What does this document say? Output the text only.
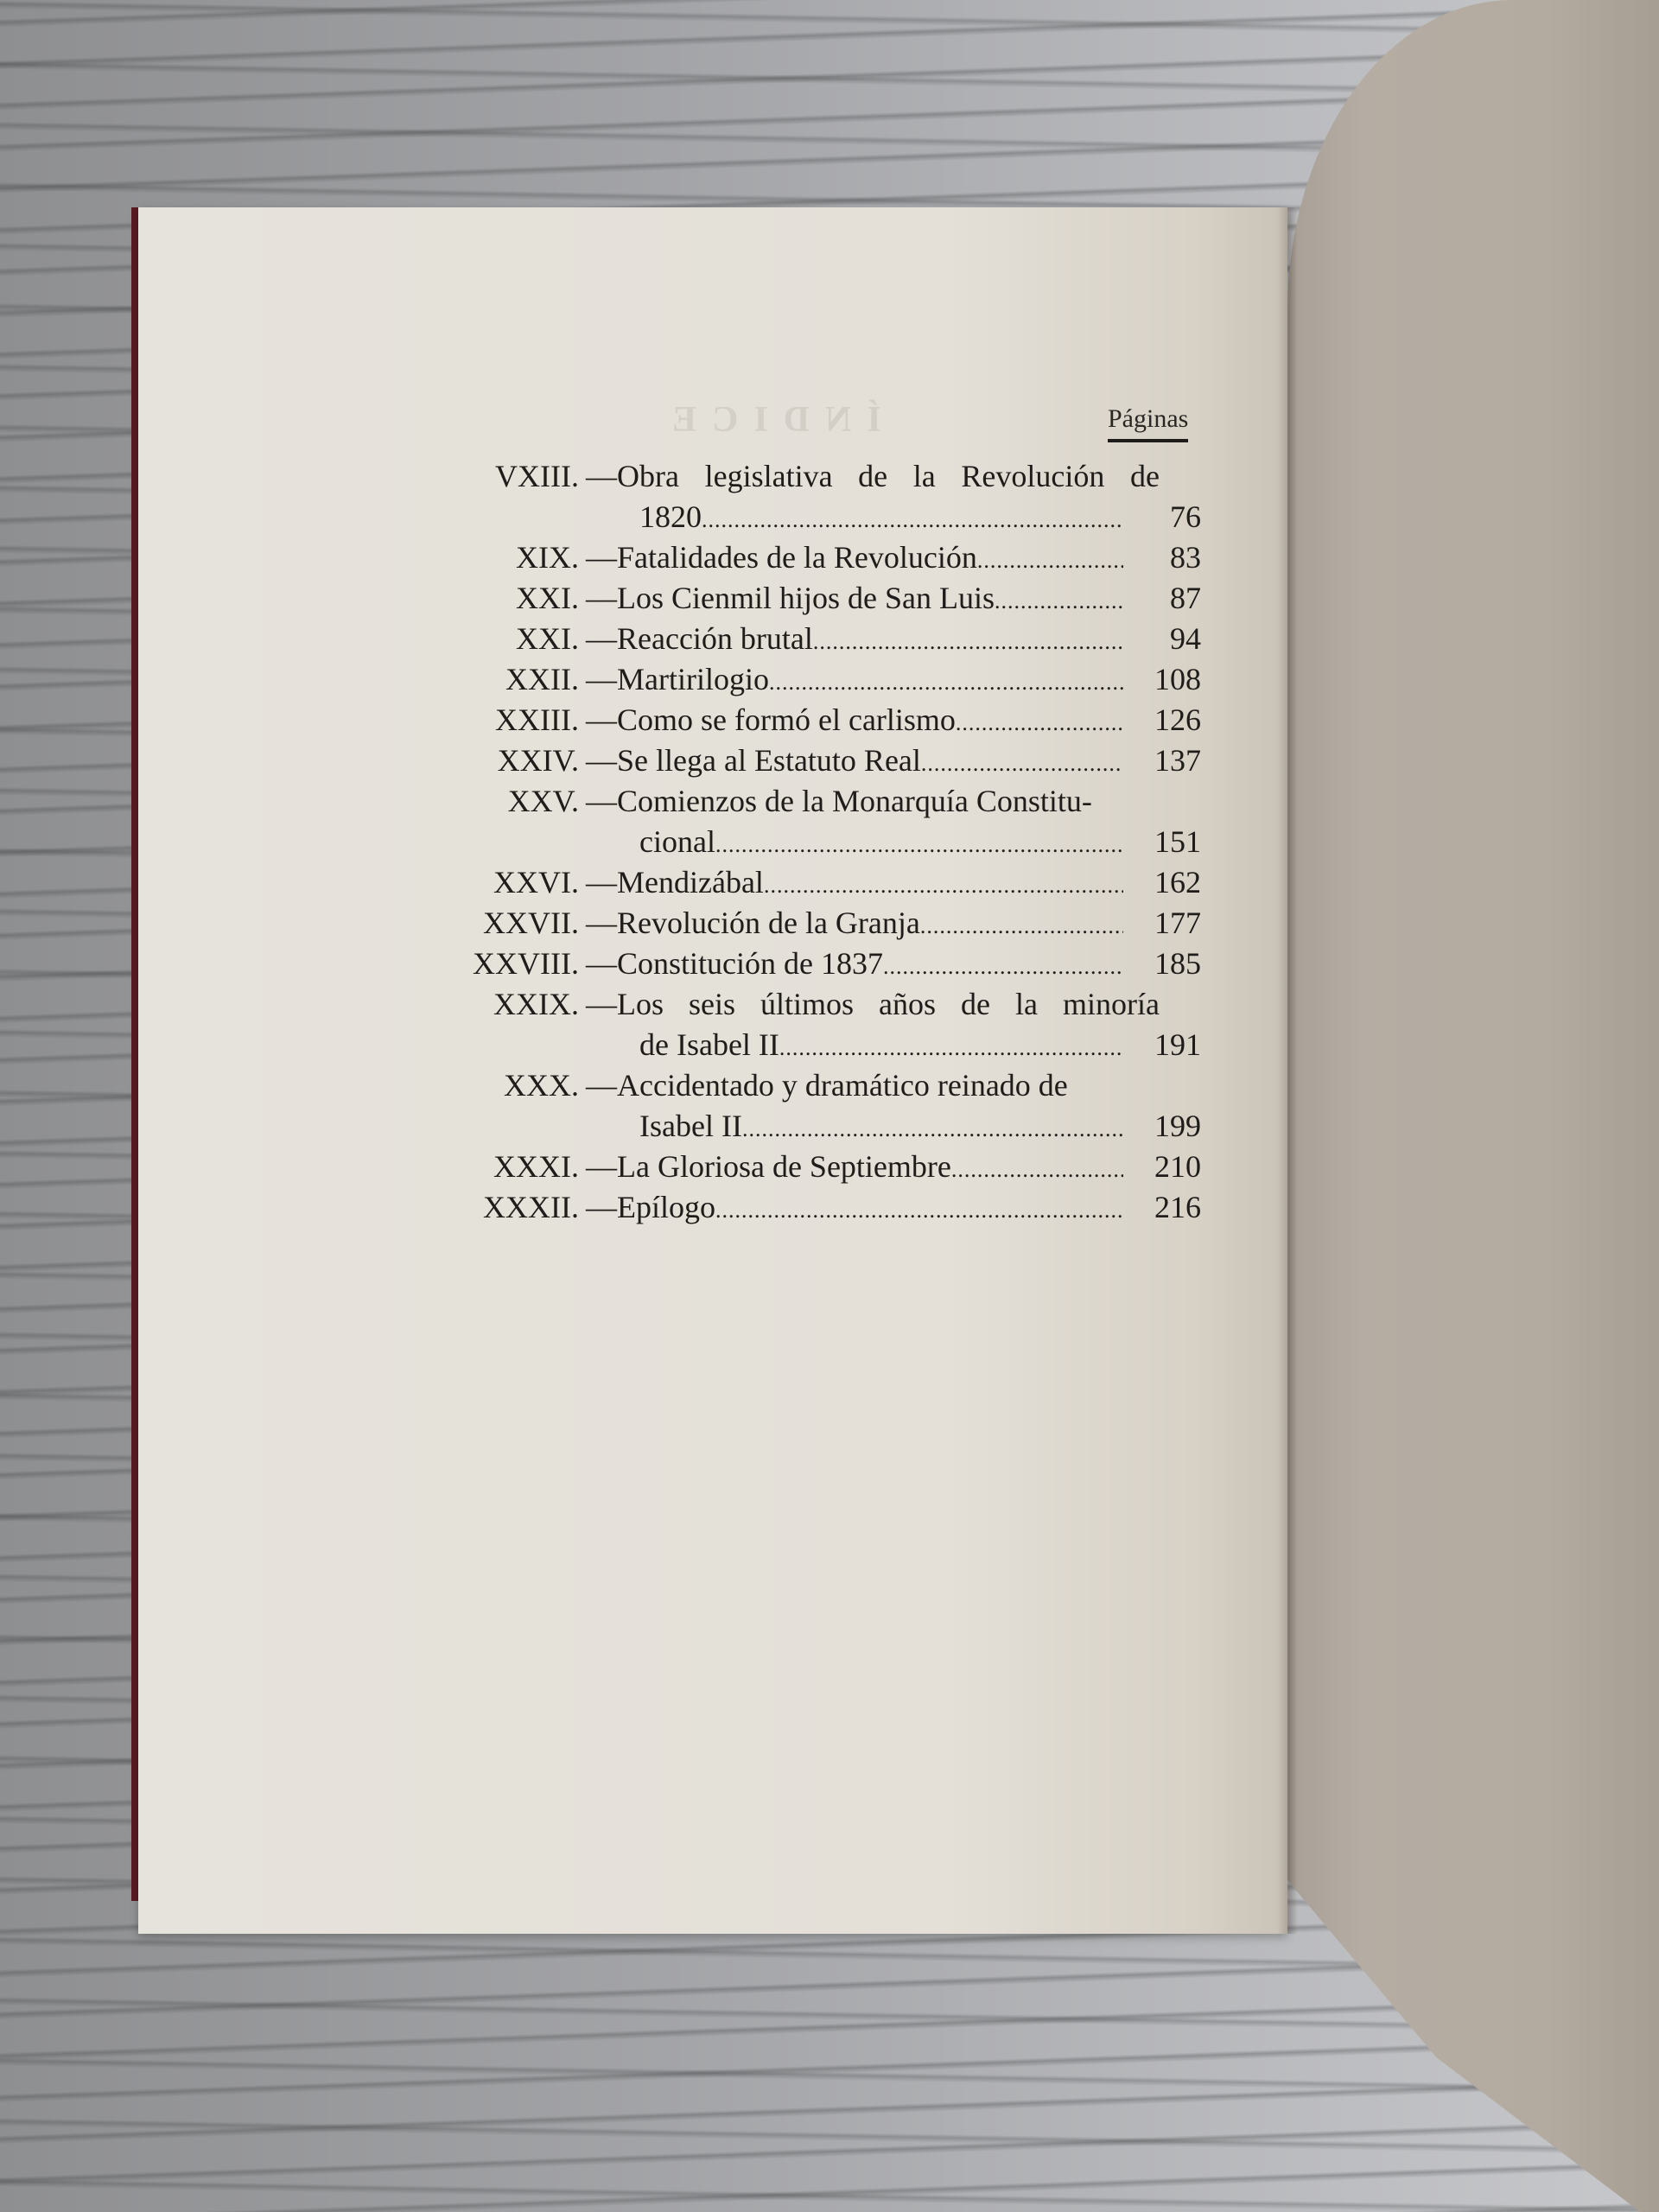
Páginas
VXIII. — Obra legislativa de la Revolución de
1820 .....	76
XIX. — Fatalidades de la Revolución .....	83
XXI. — Los Cienmil hijos de San Luis .....	87
XXI. — Reacción brutal .....	94
XXII. — Martirilogio .....	108
XXIII. — Como se formó el carlismo .....	126
XXIV. — Se llega al Estatuto Real .....	137
XXV. — Comienzos de la Monarquía Constitu-
cional .....	151
XXVI. — Mendizábal .....	162
XXVII. — Revolución de la Granja .....	177
XXVIII. — Constitución de 1837 .....	185
XXIX. — Los seis últimos años de la minoría
de Isabel II .....	191
XXX. — Accidentado y dramático reinado de
Isabel II .....	199
XXXI. — La Gloriosa de Septiembre .....	210
XXXII. — Epílogo .....	216
